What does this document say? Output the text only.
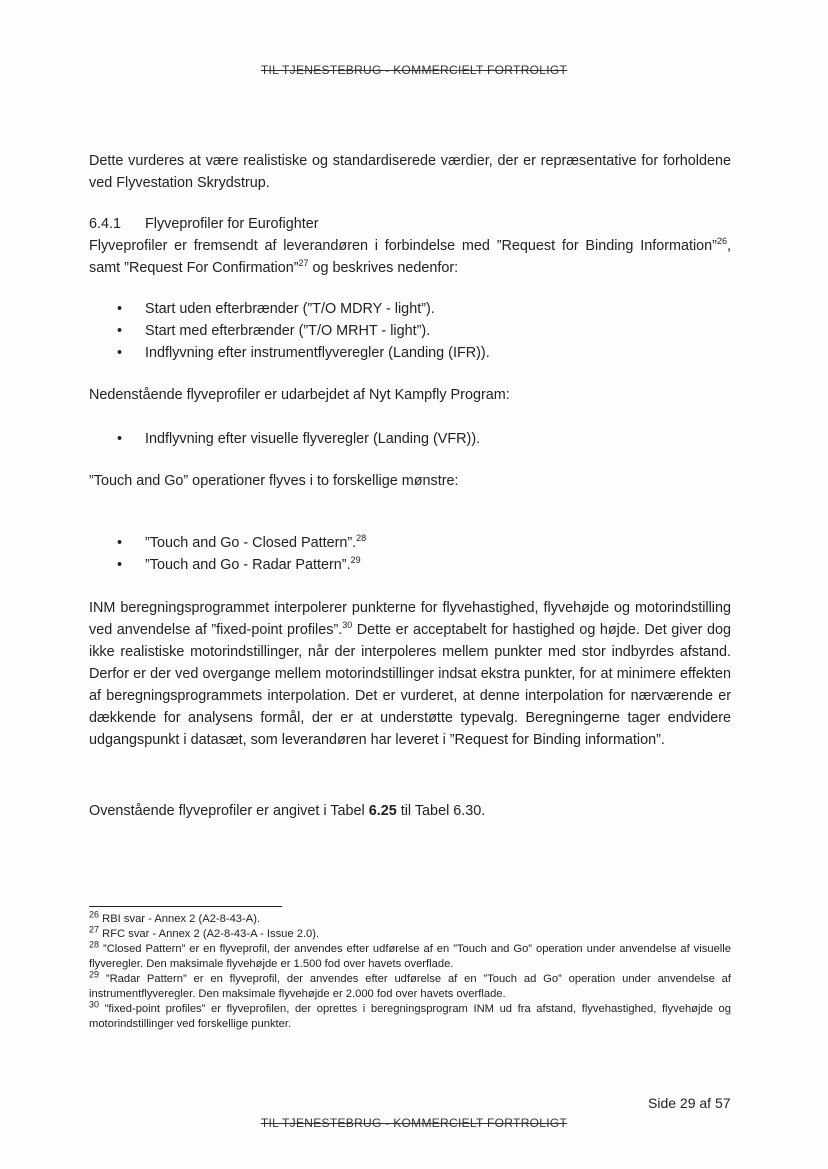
TIL TJENESTEBRUG - KOMMERCIELT FORTROLIGT

Dette vurderes at være realistiske og standardiserede værdier, der er repræsentative for forholdene ved Flyvestation Skrydstrup.

6.4.1 Flyveprofiler for Eurofighter

Flyveprofiler er fremsendt af leverandøren i forbindelse med ”Request for Binding Information”$^{26}$, samt ”Request For Confirmation”$^{27}$ og beskrives nedenfor:

• Start uden efterbrænder (”T/O MDRY - light”).
• Start med efterbrænder (”T/O MRHT - light”).
• Indflyvning efter instrumentflyveregler (Landing (IFR)).

Nedenstående flyveprofiler er udarbejdet af Nyt Kampfly Program:

• Indflyvning efter visuelle flyveregler (Landing (VFR)).

”Touch and Go” operationer flyves i to forskellige mønstre:

• ”Touch and Go - Closed Pattern”.$^{28}$
• ”Touch and Go - Radar Pattern”.$^{29}$

INM beregningsprogrammet interpolerer punkterne for flyvehastighed, flyvehøjde og motorindstilling ved anvendelse af ”fixed-point profiles”.$^{30}$ Dette er acceptabelt for hastighed og højde. Det giver dog ikke realistiske motorindstillinger, når der interpoleres mellem punkter med stor indbyrdes afstand. Derfor er der ved overgange mellem motorindstillinger indsat ekstra punkter, for at minimere effekten af beregningsprogrammets interpolation. Det er vurderet, at denne interpolation for nærværende er dækkende for analysens formål, der er at understøtte typevalg. Beregningerne tager endvidere udgangspunkt i datasæt, som leverandøren har leveret i ”Request for Binding information”.

Ovenstående flyveprofiler er angivet i Tabel 6.25 til Tabel 6.30.

$^{26}$ RBI svar - Annex 2 (A2-8-43-A).
$^{27}$ RFC svar - Annex 2 (A2-8-43-A - Issue 2.0).
$^{28}$ ”Closed Pattern” er en flyveprofil, der anvendes efter udførelse af en ”Touch and Go” operation under anvendelse af visuelle flyveregler. Den maksimale flyvehøjde er 1.500 fod over havets overflade.
$^{29}$ ”Radar Pattern” er en flyveprofil, der anvendes efter udførelse af en ”Touch ad Go” operation under anvendelse af instrumentflyveregler. Den maksimale flyvehøjde er 2.000 fod over havets overflade.
$^{30}$ ”fixed-point profiles” er flyveprofilen, der oprettes i beregningsprogram INM ud fra afstand, flyvehastighed, flyvehøjde og motorindstillinger ved forskellige punkter.
Side 29 af 57
TIL TJENESTEBRUG - KOMMERCIELT FORTROLIGT
